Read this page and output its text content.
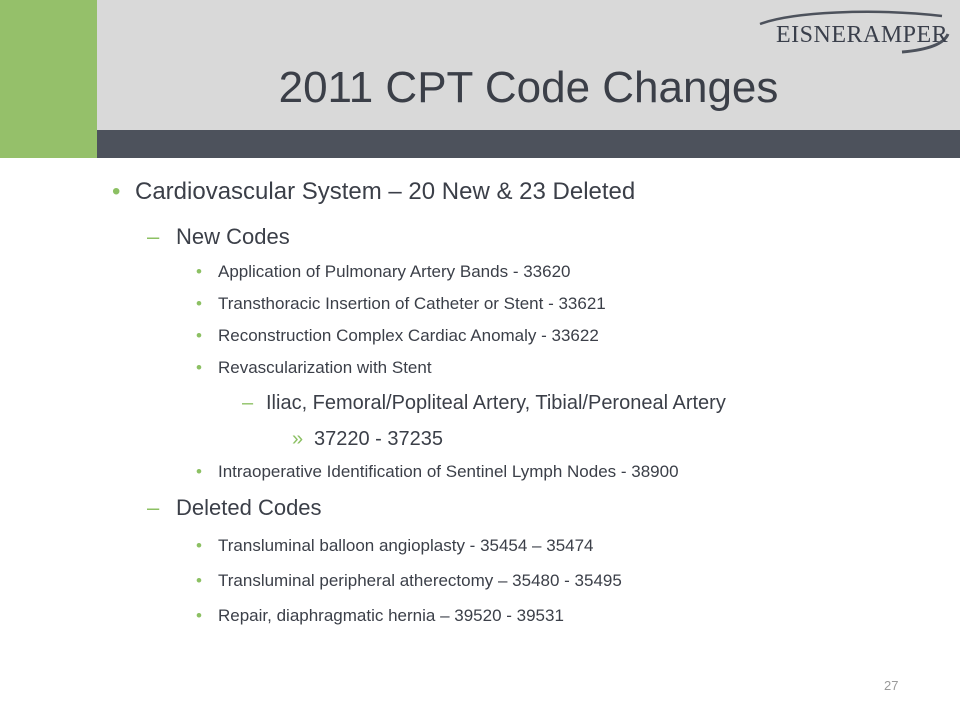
EISNERAMPER
2011 CPT Code Changes
• Cardiovascular System – 20 New & 23 Deleted
– New Codes
• Application of Pulmonary Artery Bands - 33620
• Transthoracic Insertion of Catheter or Stent - 33621
• Reconstruction Complex Cardiac Anomaly - 33622
• Revascularization with Stent
– Iliac, Femoral/Popliteal Artery, Tibial/Peroneal Artery
» 37220 - 37235
• Intraoperative Identification of Sentinel Lymph Nodes - 38900
– Deleted Codes
• Transluminal balloon angioplasty - 35454 – 35474
• Transluminal peripheral atherectomy – 35480 - 35495
• Repair, diaphragmatic hernia – 39520 - 39531
27
